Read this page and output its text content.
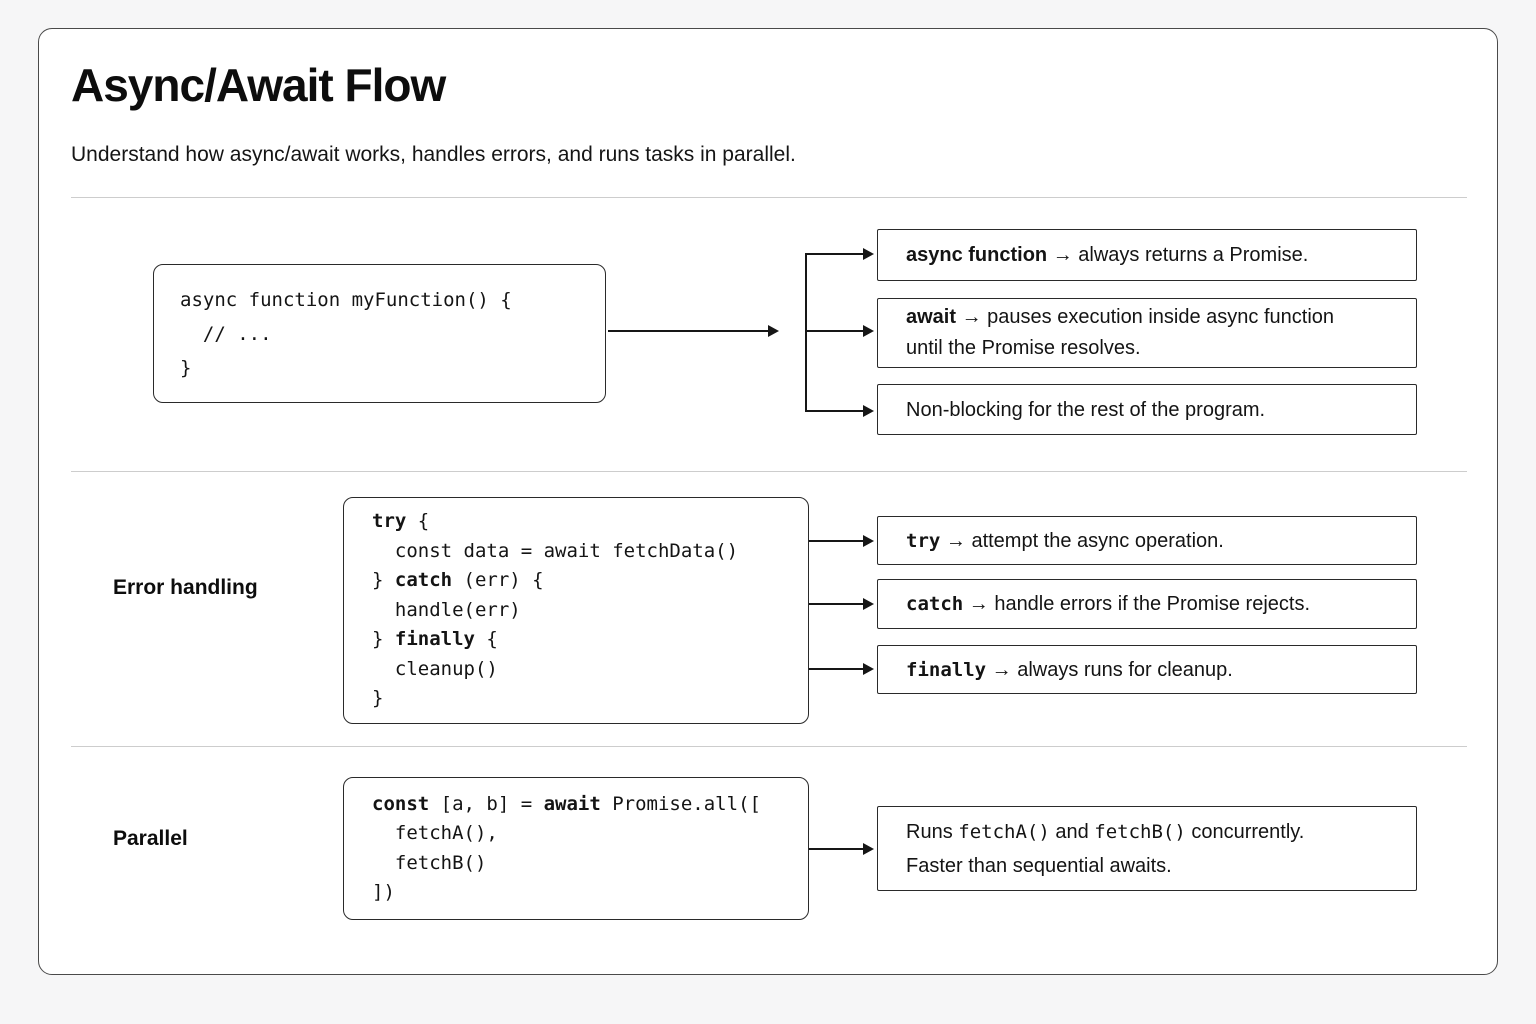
Async/Await Flow
Understand how async/await works, handles errors, and runs tasks in parallel.
async function myFunction() {
// ...
}
async function → always returns a Promise.
await → pauses execution inside async function
until the Promise resolves.
Non-blocking for the rest of the program.
Error handling
try {
const data = await fetchData()
} catch (err) {
handle(err)
} finally {
cleanup()
}
try → attempt the async operation.
catch → handle errors if the Promise rejects.
finally → always runs for cleanup.
Parallel
const [a, b] = await Promise.all([
fetchA(),
fetchB()
])
Runs fetchA() and fetchB() concurrently.
Faster than sequential awaits.
